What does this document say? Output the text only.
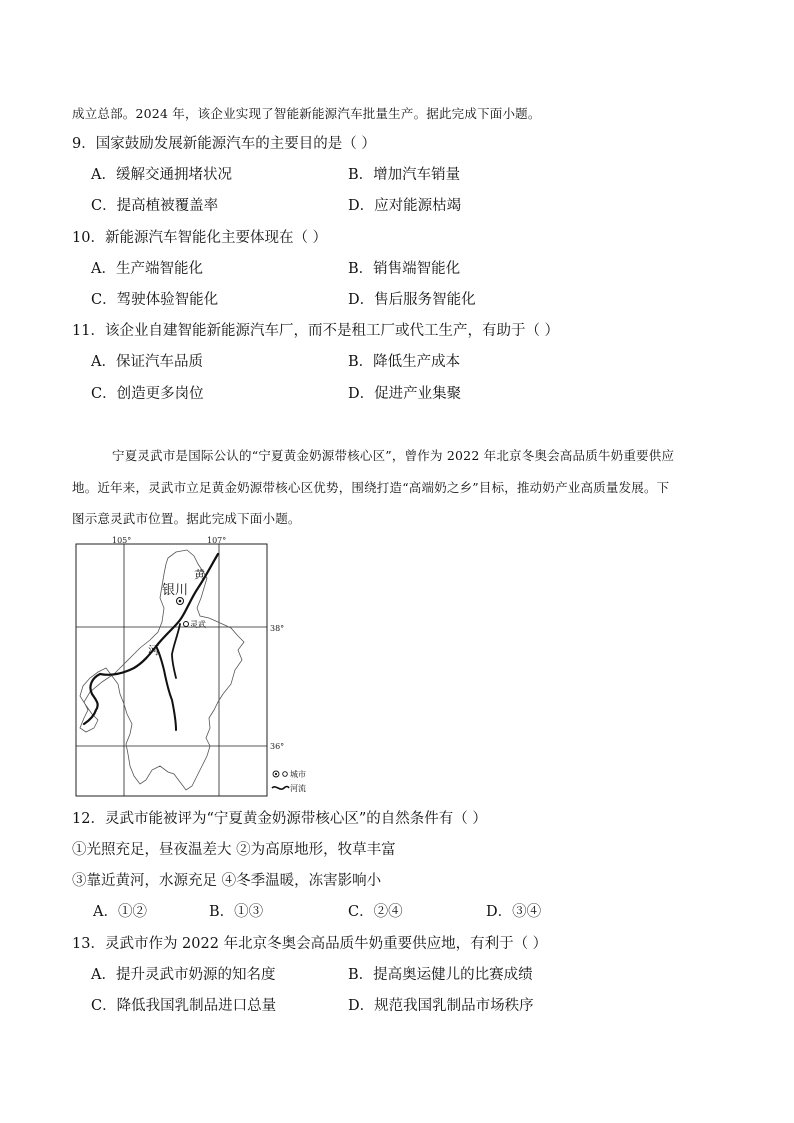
成立总部。2024 年，该企业实现了智能新能源汽车批量生产。据此完成下面小题。
9．国家鼓励发展新能源汽车的主要目的是（ ）
A．缓解交通拥堵状况	B．增加汽车销量
C．提高植被覆盖率	D．应对能源枯竭
10．新能源汽车智能化主要体现在（ ）
A．生产端智能化	B．销售端智能化
C．驾驶体验智能化	D．售后服务智能化
11．该企业自建智能新能源汽车厂，而不是租工厂或代工生产，有助于（ ）
A．保证汽车品质	B．降低生产成本
C．创造更多岗位	D．促进产业集聚
宁夏灵武市是国际公认的“宁夏黄金奶源带核心区”，曾作为 2022 年北京冬奥会高品质牛奶重要供应
地。近年来，灵武市立足黄金奶源带核心区优势，围绕打造“高端奶之乡”目标，推动奶产业高质量发展。下
图示意灵武市位置。据此完成下面小题。
105°	107°
38°
36°
银川
灵武
黄
河
城市
河流
12．灵武市能被评为“宁夏黄金奶源带核心区”的自然条件有（ ）
①光照充足，昼夜温差大 ②为高原地形，牧草丰富
③靠近黄河，水源充足 ④冬季温暖，冻害影响小
A．①②	B．①③	C．②④	D．③④
13．灵武市作为 2022 年北京冬奥会高品质牛奶重要供应地，有利于（ ）
A．提升灵武市奶源的知名度	B．提高奥运健儿的比赛成绩
C．降低我国乳制品进口总量	D．规范我国乳制品市场秩序
